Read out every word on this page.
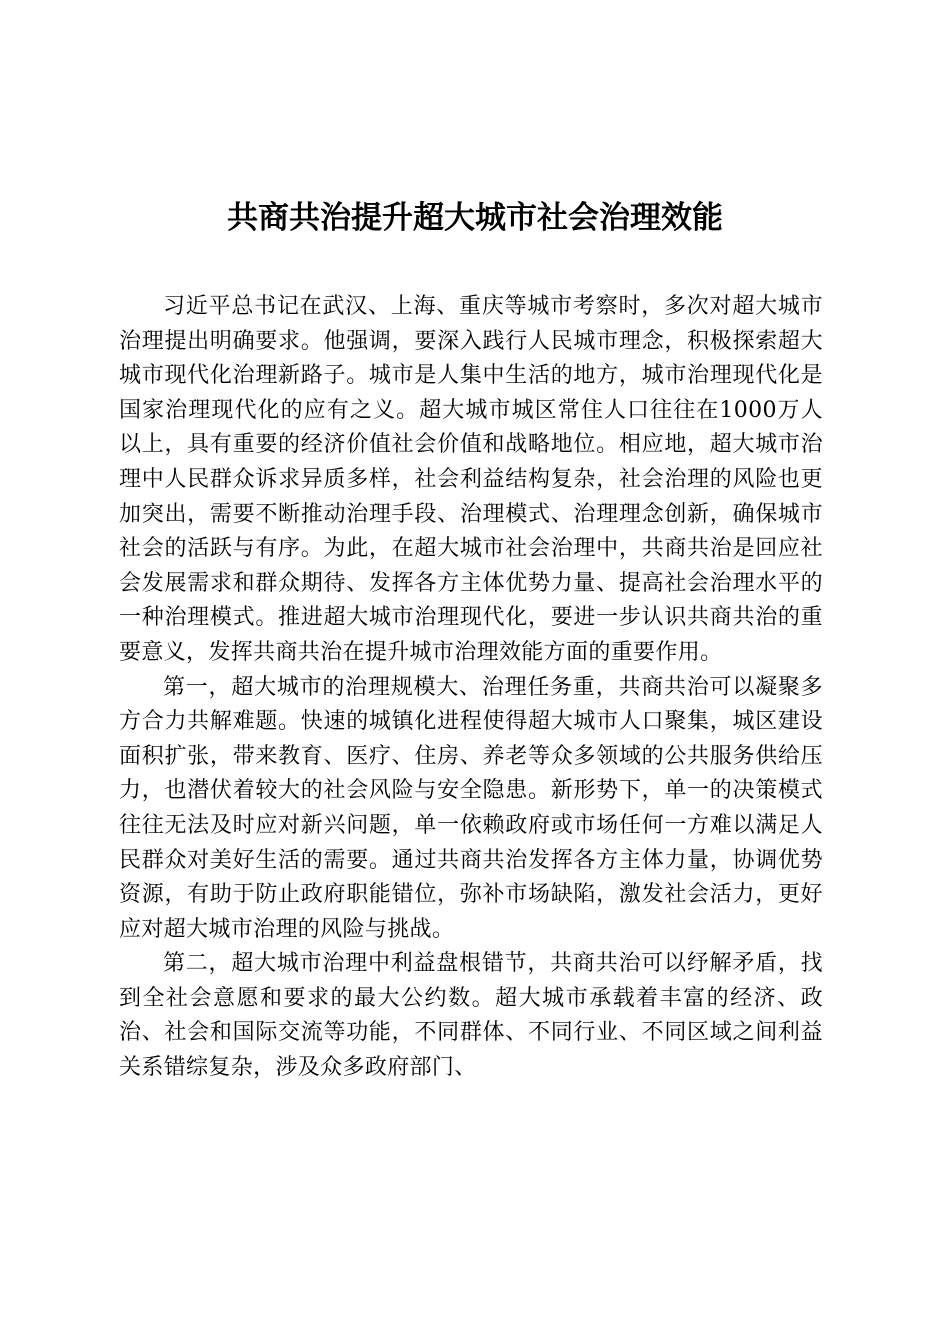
共商共治提升超大城市社会治理效能

习近平总书记在武汉、上海、重庆等城市考察时，多次对超大城市治理提出明确要求。他强调，要深入践行人民城市理念，积极探索超大城市现代化治理新路子。城市是人集中生活的地方，城市治理现代化是国家治理现代化的应有之义。超大城市城区常住人口往往在1000万人以上，具有重要的经济价值社会价值和战略地位。相应地，超大城市治理中人民群众诉求异质多样，社会利益结构复杂，社会治理的风险也更加突出，需要不断推动治理手段、治理模式、治理理念创新，确保城市社会的活跃与有序。为此，在超大城市社会治理中，共商共治是回应社会发展需求和群众期待、发挥各方主体优势力量、提高社会治理水平的一种治理模式。推进超大城市治理现代化，要进一步认识共商共治的重要意义，发挥共商共治在提升城市治理效能方面的重要作用。

第一，超大城市的治理规模大、治理任务重，共商共治可以凝聚多方合力共解难题。快速的城镇化进程使得超大城市人口聚集，城区建设面积扩张，带来教育、医疗、住房、养老等众多领域的公共服务供给压力，也潜伏着较大的社会风险与安全隐患。新形势下，单一的决策模式往往无法及时应对新兴问题，单一依赖政府或市场任何一方难以满足人民群众对美好生活的需要。通过共商共治发挥各方主体力量，协调优势资源，有助于防止政府职能错位，弥补市场缺陷，激发社会活力，更好应对超大城市治理的风险与挑战。

第二，超大城市治理中利益盘根错节，共商共治可以纾解矛盾，找到全社会意愿和要求的最大公约数。超大城市承载着丰富的经济、政治、社会和国际交流等功能，不同群体、不同行业、不同区域之间利益关系错综复杂，涉及众多政府部门、
